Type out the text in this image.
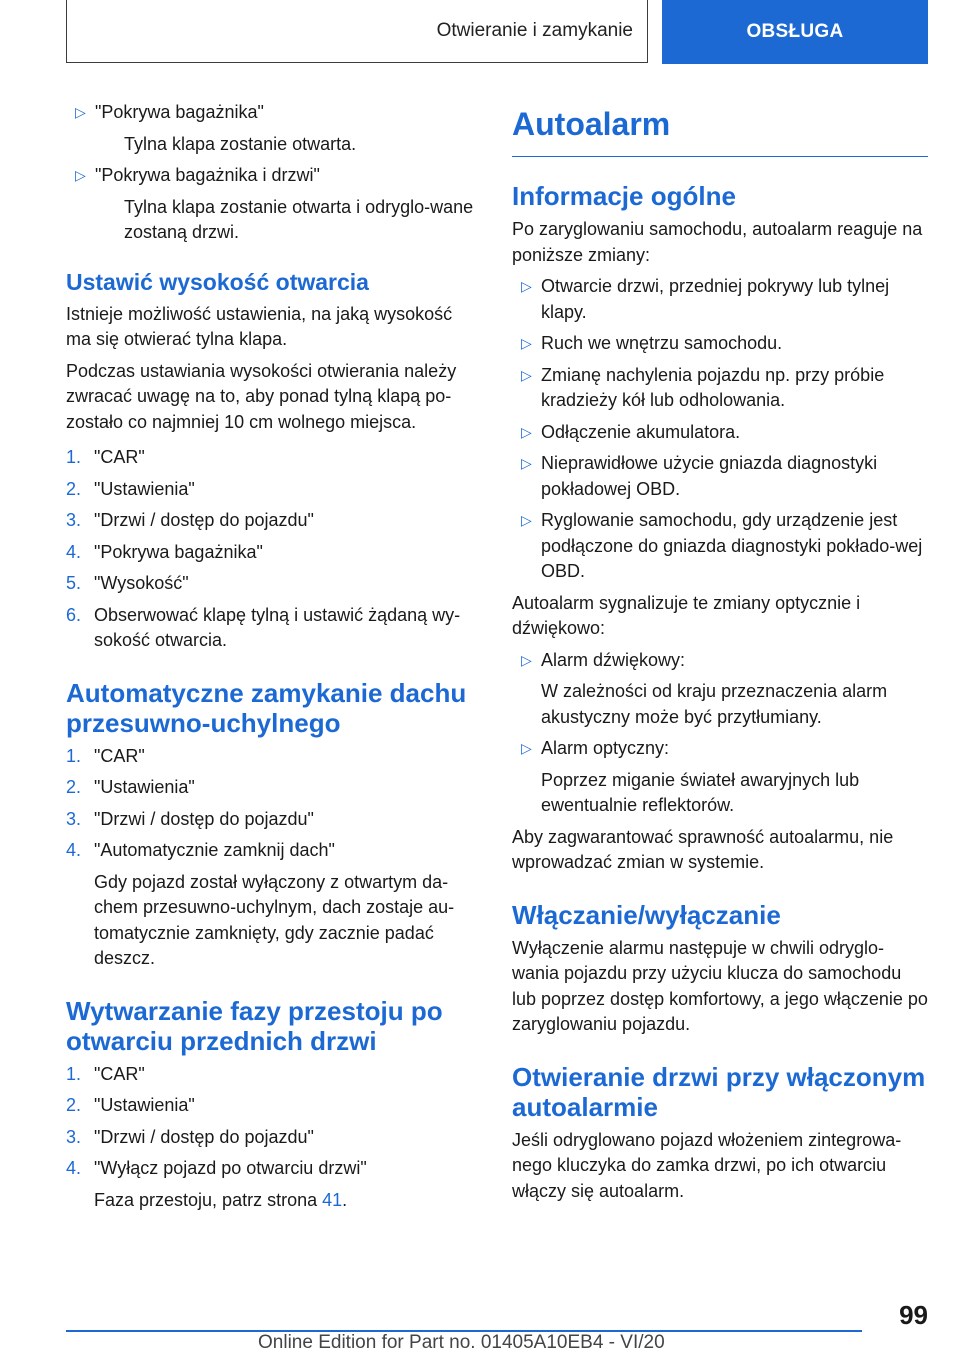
Otwieranie i zamykanie	OBSŁUGA
▷ "Pokrywa bagażnika"

Tylna klapa zostanie otwarta.

▷ "Pokrywa bagażnika i drzwi"

Tylna klapa zostanie otwarta i odryglo-wane zostaną drzwi.

Ustawić wysokość otwarcia

Istnieje możliwość ustawienia, na jaką wysokość ma się otwierać tylna klapa.

Podczas ustawiania wysokości otwierania należy zwracać uwagę na to, aby ponad tylną klapą po-zostało co najmniej 10 cm wolnego miejsca.

1. "CAR"
2. "Ustawienia"
3. "Drzwi / dostęp do pojazdu"
4. "Pokrywa bagażnika"
5. "Wysokość"
6. Obserwować klapę tylną i ustawić żądaną wy-sokość otwarcia.
Automatyczne zamykanie dachu przesuwno-uchylnego
1. "CAR"
2. "Ustawienia"
3. "Drzwi / dostęp do pojazdu"
4. "Automatycznie zamknij dach"

Gdy pojazd został wyłączony z otwartym da-chem przesuwno-uchylnym, dach zostaje au-tomatycznie zamknięty, gdy zacznie padać deszcz.

Wytwarzanie fazy przestoju po otwarciu przednich drzwi
1. "CAR"
2. "Ustawienia"
3. "Drzwi / dostęp do pojazdu"
4. "Wyłącz pojazd po otwarciu drzwi"

Faza przestoju, patrz strona 41.

Autoalarm
Informacje ogólne

Po zaryglowaniu samochodu, autoalarm reaguje na poniższe zmiany:

▷ Otwarcie drzwi, przedniej pokrywy lub tylnej klapy.
▷ Ruch we wnętrzu samochodu.
▷ Zmianę nachylenia pojazdu np. przy próbie kradzieży kół lub odholowania.
▷ Odłączenie akumulatora.
▷ Nieprawidłowe użycie gniazda diagnostyki pokładowej OBD.
▷ Ryglowanie samochodu, gdy urządzenie jest podłączone do gniazda diagnostyki pokłado-wej OBD.

Autoalarm sygnalizuje te zmiany optycznie i dźwiękowo:

▷ Alarm dźwiękowy:

W zależności od kraju przeznaczenia alarm akustyczny może być przytłumiany.

▷ Alarm optyczny:

Poprzez miganie świateł awaryjnych lub ewentualnie reflektorów.

Aby zagwarantować sprawność autoalarmu, nie wprowadzać zmian w systemie.

Włączanie/wyłączanie

Wyłączenie alarmu następuje w chwili odryglo-wania pojazdu przy użyciu klucza do samochodu lub poprzez dostęp komfortowy, a jego włączenie po zaryglowaniu pojazdu.

Otwieranie drzwi przy włączonym autoalarmie

Jeśli odryglowano pojazd włożeniem zintegrowa-nego kluczyka do zamka drzwi, po ich otwarciu włączy się autoalarm.

99
Online Edition for Part no. 01405A10EB4 - VI/20
